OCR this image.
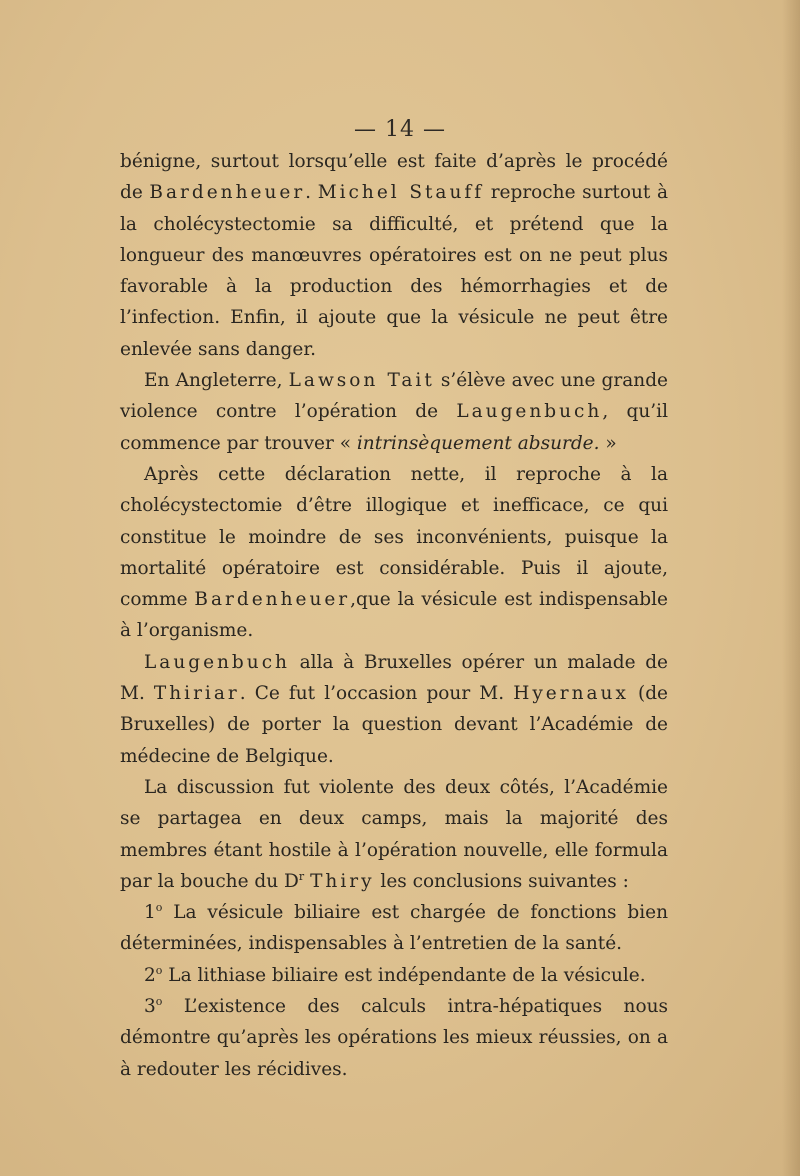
— 14 —

bénigne, surtout lorsqu’elle est faite d’après le procédé de Bardenheuer. Michel Stauff reproche surtout à la cholécystectomie sa difficulté, et prétend que la longueur des manœuvres opératoires est on ne peut plus favorable à la production des hémorrhagies et de l’infection. Enfin, il ajoute que la vésicule ne peut être enlevée sans danger.

En Angleterre, Lawson Tait s’élève avec une grande violence contre l’opération de Laugenbuch, qu’il commence par trouver « intrinsèquement absurde. »

Après cette déclaration nette, il reproche à la cholécystectomie d’être illogique et inefficace, ce qui constitue le moindre de ses inconvénients, puisque la mortalité opératoire est considérable. Puis il ajoute, comme Bardenheuer,que la vésicule est indispensable à l’organisme.

Laugenbuch alla à Bruxelles opérer un malade de M. Thiriar. Ce fut l’occasion pour M. Hyernaux (de Bruxelles) de porter la question devant l’Académie de médecine de Belgique.

La discussion fut violente des deux côtés, l’Académie se partagea en deux camps, mais la majorité des membres étant hostile à l’opération nouvelle, elle formula par la bouche du $D^r$ Thiry les conclusions suivantes :

1$^o$ La vésicule biliaire est chargée de fonctions bien déterminées, indispensables à l’entretien de la santé.

2$^o$ La lithiase biliaire est indépendante de la vésicule.

3$^o$ L’existence des calculs intra-hépatiques nous démontre qu’après les opérations les mieux réussies, on a à redouter les récidives.
